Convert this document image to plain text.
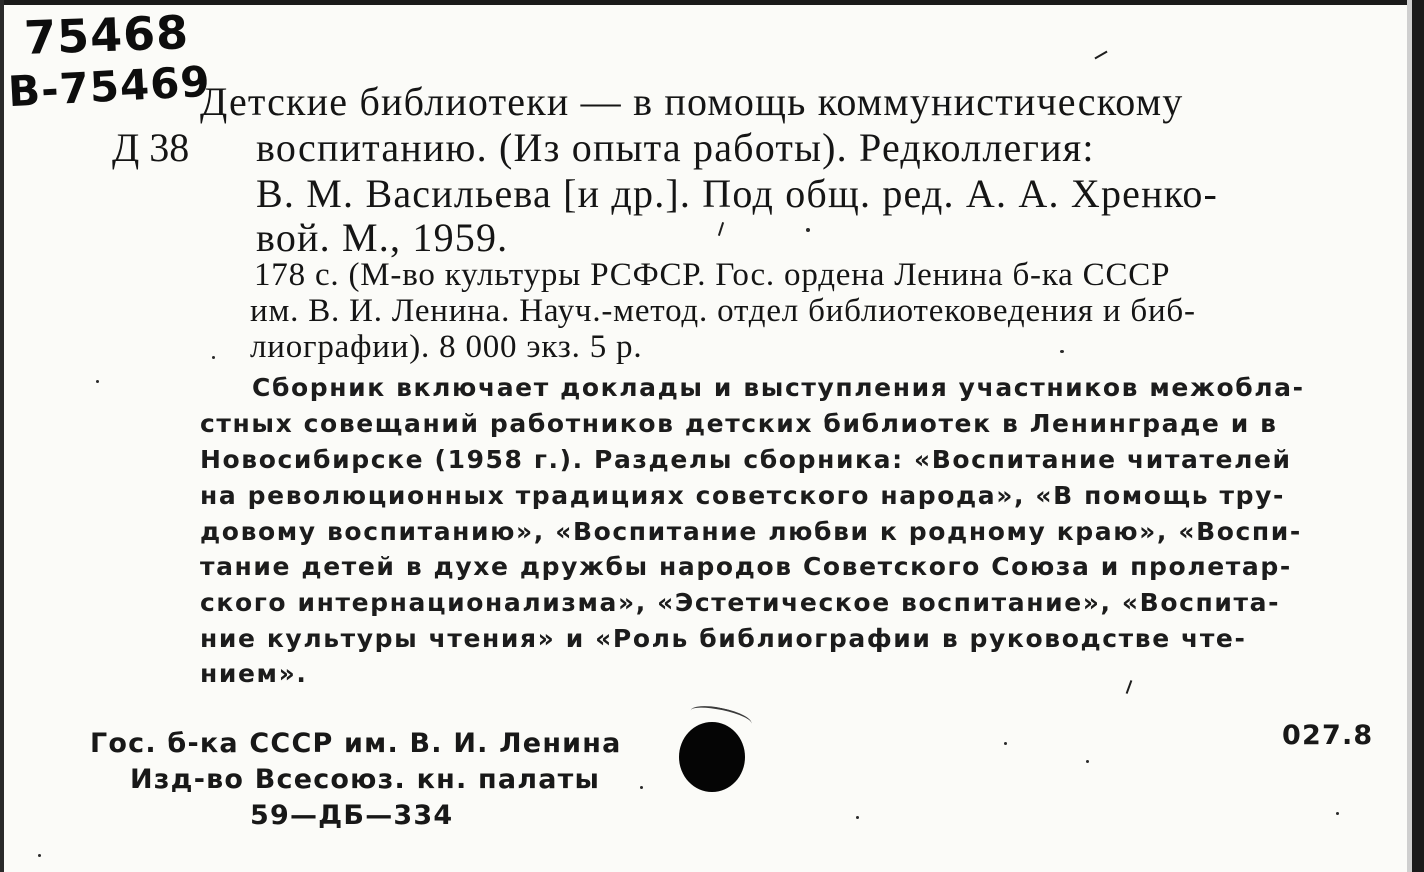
75468
В-75469
Д 38
Детские библиотеки — в помощь коммунистическому
воспитанию. (Из опыта работы). Редколлегия:
В. М. Васильева [и др.]. Под общ. ред. А. А. Хренко-
вой. М., 1959.
178 с. (М-во культуры РСФСР. Гос. ордена Ленина б-ка СССР
им. В. И. Ленина. Науч.-метод. отдел библиотековедения и биб-
лиографии). 8 000 экз. 5 р.
Сборник включает доклады и выступления участников межобла-
стных совещаний работников детских библиотек в Ленинграде и в
Новосибирске (1958 г.). Разделы сборника: «Воспитание читателей
на революционных традициях советского народа», «В помощь тру-
довому воспитанию», «Воспитание любви к родному краю», «Воспи-
тание детей в духе дружбы народов Советского Союза и пролетар-
ского интернационализма», «Эстетическое воспитание», «Воспита-
ние культуры чтения» и «Роль библиографии в руководстве чте-
нием».
Гос. б-ка СССР им. В. И. Ленина
Изд-во Всесоюз. кн. палаты
59—ДБ—334
027.8
